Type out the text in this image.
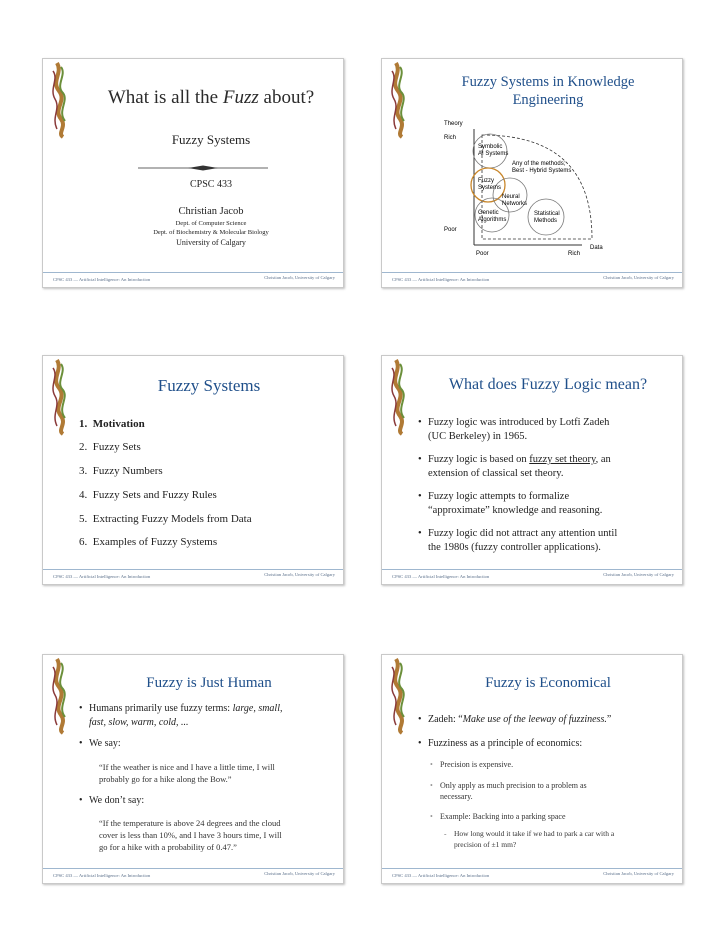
What is all the Fuzz about?
Fuzzy Systems
CPSC 433
Christian Jacob
Dept. of Computer Science
Dept. of Biochemistry & Molecular Biology
University of Calgary
CPSC 433 — Artificial Intelligence: An Introduction	Christian Jacob, University of Calgary
Fuzzy Systems in Knowledge
Engineering
Theory
Rich
Poor
Poor	Rich
Data
Symbolic
AI Systems
Any of the methods;
Best - Hybrid Systems
Fuzzy
Systems
Neural
Networks
Genetic
Algorithms
Statistical
Methods
CPSC 433 — Artificial Intelligence: An Introduction	Christian Jacob, University of Calgary
Fuzzy Systems
1. Motivation
2. Fuzzy Sets
3. Fuzzy Numbers
4. Fuzzy Sets and Fuzzy Rules
5. Extracting Fuzzy Models from Data
6. Examples of Fuzzy Systems
CPSC 433 — Artificial Intelligence: An Introduction	Christian Jacob, University of Calgary
What does Fuzzy Logic mean?
• Fuzzy logic was introduced by Lotfi Zadeh
(UC Berkeley) in 1965.
• Fuzzy logic is based on fuzzy set theory, an
extension of classical set theory.
• Fuzzy logic attempts to formalize
“approximate” knowledge and reasoning.
• Fuzzy logic did not attract any attention until
the 1980s (fuzzy controller applications).
CPSC 433 — Artificial Intelligence: An Introduction	Christian Jacob, University of Calgary
Fuzzy is Just Human
• Humans primarily use fuzzy terms: large, small,
fast, slow, warm, cold, ...
• We say:
“If the weather is nice and I have a little time, I will
probably go for a hike along the Bow.”
• We don’t say:
“If the temperature is above 24 degrees and the cloud
cover is less than 10%, and I have 3 hours time, I will
go for a hike with a probability of 0.47.”
CPSC 433 — Artificial Intelligence: An Introduction	Christian Jacob, University of Calgary
Fuzzy is Economical
• Zadeh: “Make use of the leeway of fuzziness.”
• Fuzziness as a principle of economics:
• Precision is expensive.
• Only apply as much precision to a problem as
necessary.
• Example: Backing into a parking space
- How long would it take if we had to park a car with a
precision of ±1 mm?
CPSC 433 — Artificial Intelligence: An Introduction	Christian Jacob, University of Calgary
